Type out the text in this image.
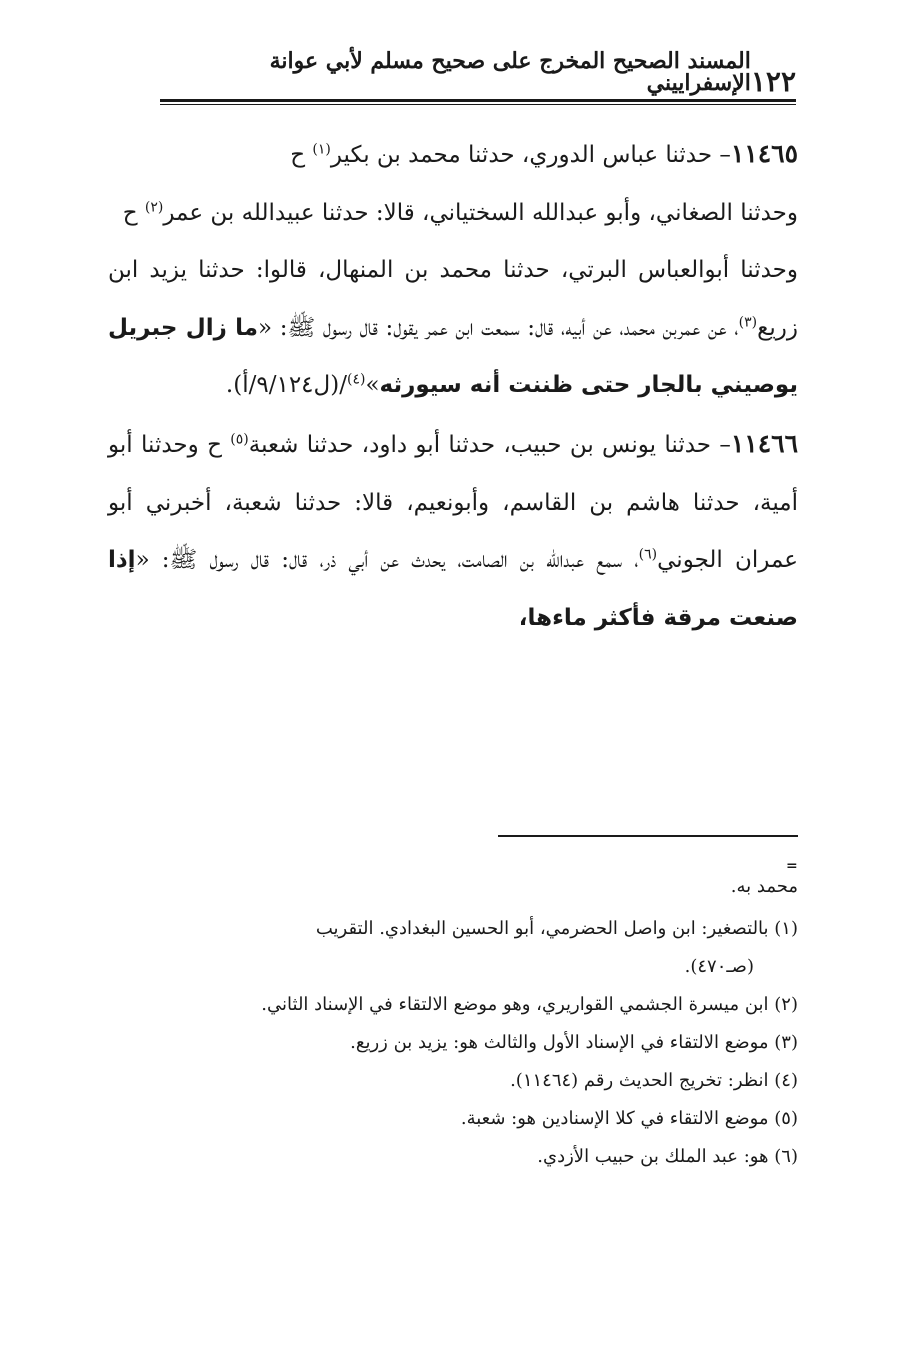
١٢٢
المسند الصحيح المخرج على صحيح مسلم لأبي عوانة الإسفراييني

١١٤٦٥– حدثنا عباس الدوري، حدثنا محمد بن بكير$^{(١)}$ ح

وحدثنا الصغاني، وأبو عبدالله السختياني، قالا: حدثنا عبيدالله بن عمر$^{(٢)}$ ح

وحدثنا أبوالعباس البرتي، حدثنا محمد بن المنهال، قالوا: حدثنا يزيد ابن زريع$^{(٣)}$، عن عمربن محمد، عن أبيه، قال: سمعت ابن عمر يقول: قال رسول ﷺ: «ما زال جبريل يوصيني بالجار حتى ظننت أنه سيورثه»$^{(٤)}$/(ل٩/١٢٤/أ).

١١٤٦٦– حدثنا يونس بن حبيب، حدثنا أبو داود، حدثنا شعبة$^{(٥)}$ ح وحدثنا أبو أمية، حدثنا هاشم بن القاسم، وأبونعيم، قالا: حدثنا شعبة، أخبرني أبو عمران الجوني$^{(٦)}$، سمع عبدالله بن الصامت، يحدث عن أبي ذر، قال: قال رسول ﷺ: «إذا صنعت مرقة فأكثر ماءها،

=

محمد به.

(١) بالتصغير: ابن واصل الحضرمي، أبو الحسين البغدادي. التقريب

(صـ٤٧٠).

(٢) ابن ميسرة الجشمي القواريري، وهو موضع الالتقاء في الإسناد الثاني.

(٣) موضع الالتقاء في الإسناد الأول والثالث هو: يزيد بن زريع.

(٤) انظر: تخريج الحديث رقم (١١٤٦٤).

(٥) موضع الالتقاء في كلا الإسنادين هو: شعبة.

(٦) هو: عبد الملك بن حبيب الأزدي.
